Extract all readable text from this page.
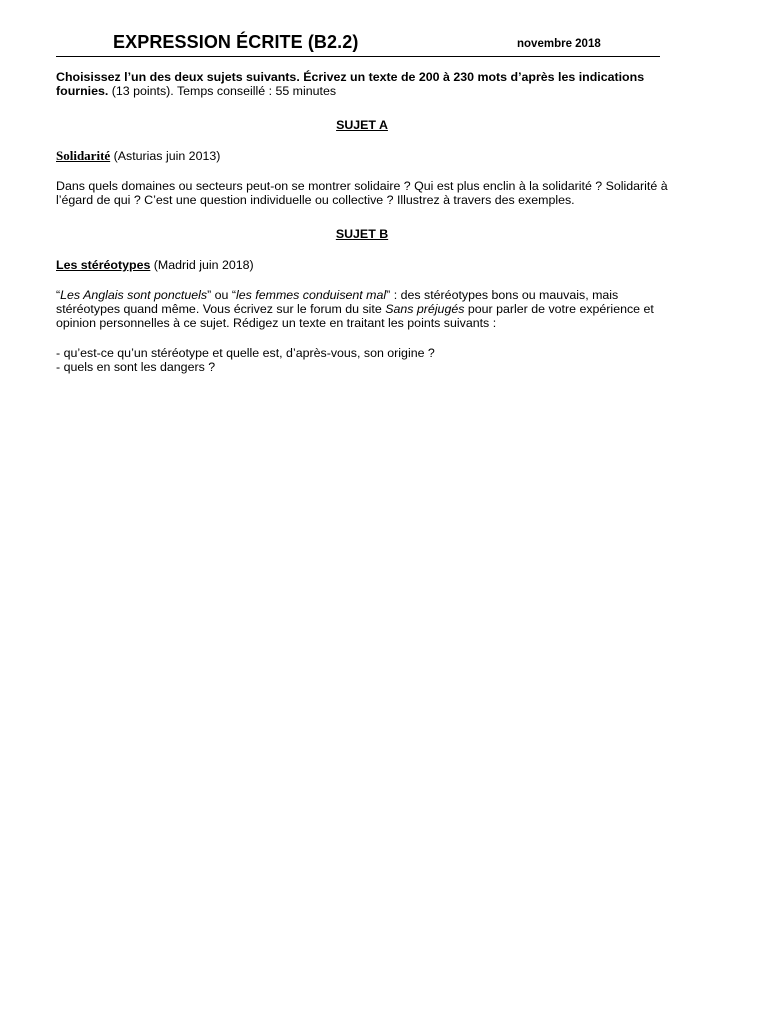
EXPRESSION ÉCRITE (B2.2)	novembre 2018

Choisissez l’un des deux sujets suivants. Écrivez un texte de 200 à 230 mots d’après les indications fournies. (13 points). Temps conseillé : 55 minutes

SUJET A

Solidarité (Asturias juin 2013)

Dans quels domaines ou secteurs peut-on se montrer solidaire ? Qui est plus enclin à la solidarité ? Solidarité à l’égard de qui ? C’est une question individuelle ou collective ? Illustrez à travers des exemples.

SUJET B

Les stéréotypes (Madrid juin 2018)

“Les Anglais sont ponctuels” ou “les femmes conduisent mal” : des stéréotypes bons ou mauvais, mais stéréotypes quand même. Vous écrivez sur le forum du site Sans préjugés pour parler de votre expérience et opinion personnelles à ce sujet. Rédigez un texte en traitant les points suivants :

- qu’est-ce qu’un stéréotype et quelle est, d’après-vous, son origine ?
- quels en sont les dangers ?
